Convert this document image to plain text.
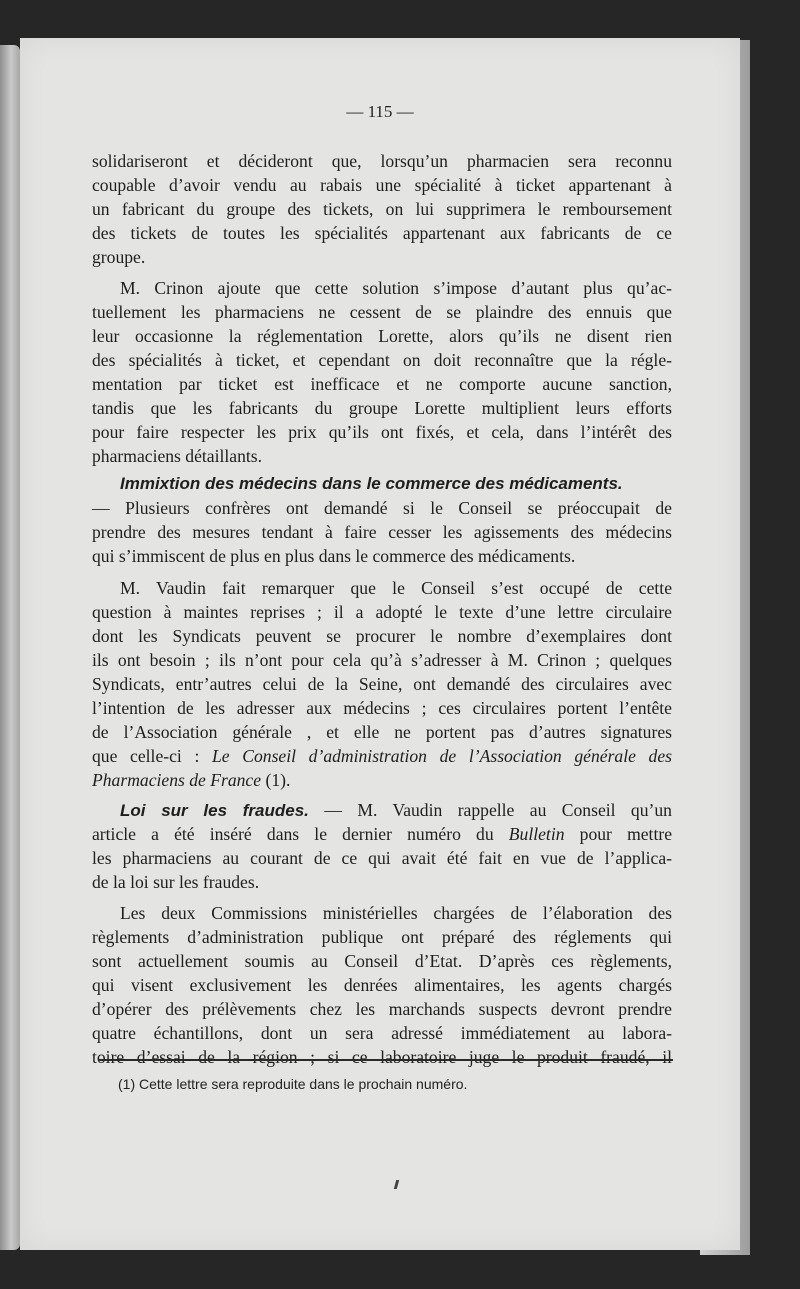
— 115 —
solidariseront et décideront que, lorsqu’un pharmacien sera reconnu
coupable d’avoir vendu au rabais une spécialité à ticket appartenant à
un fabricant du groupe des tickets, on lui supprimera le remboursement
des tickets de toutes les spécialités appartenant aux fabricants de ce
groupe.
M. Crinon ajoute que cette solution s’impose d’autant plus qu’ac-
tuellement les pharmaciens ne cessent de se plaindre des ennuis que
leur occasionne la réglementation Lorette, alors qu’ils ne disent rien
des spécialités à ticket, et cependant on doit reconnaître que la régle-
mentation par ticket est inefficace et ne comporte aucune sanction,
tandis que les fabricants du groupe Lorette multiplient leurs efforts
pour faire respecter les prix qu’ils ont fixés, et cela, dans l’intérêt des
pharmaciens détaillants.
Immixtion des médecins dans le commerce des médicaments.
— Plusieurs confrères ont demandé si le Conseil se préoccupait de
prendre des mesures tendant à faire cesser les agissements des médecins
qui s’immiscent de plus en plus dans le commerce des médicaments.
M. Vaudin fait remarquer que le Conseil s’est occupé de cette
question à maintes reprises ; il a adopté le texte d’une lettre circulaire
dont les Syndicats peuvent se procurer le nombre d’exemplaires dont
ils ont besoin ; ils n’ont pour cela qu’à s’adresser à M. Crinon ; quelques
Syndicats, entr’autres celui de la Seine, ont demandé des circulaires avec
l’intention de les adresser aux médecins ; ces circulaires portent l’entête
de l’Association générale , et elle ne portent pas d’autres signatures
que celle-ci : Le Conseil d’administration de l’Association générale des
Pharmaciens de France (1).
Loi sur les fraudes. — M. Vaudin rappelle au Conseil qu’un
article a été inséré dans le dernier numéro du Bulletin pour mettre
les pharmaciens au courant de ce qui avait été fait en vue de l’applica-
de la loi sur les fraudes.
Les deux Commissions ministérielles chargées de l’élaboration des
règlements d’administration publique ont préparé des réglements qui
sont actuellement soumis au Conseil d’Etat. D’après ces règlements,
qui visent exclusivement les denrées alimentaires, les agents chargés
d’opérer des prélèvements chez les marchands suspects devront prendre
quatre échantillons, dont un sera adressé immédiatement au labora-
toire d’essai de la région ; si ce laboratoire juge le produit fraudé, il
(1) Cette lettre sera reproduite dans le prochain numéro.
